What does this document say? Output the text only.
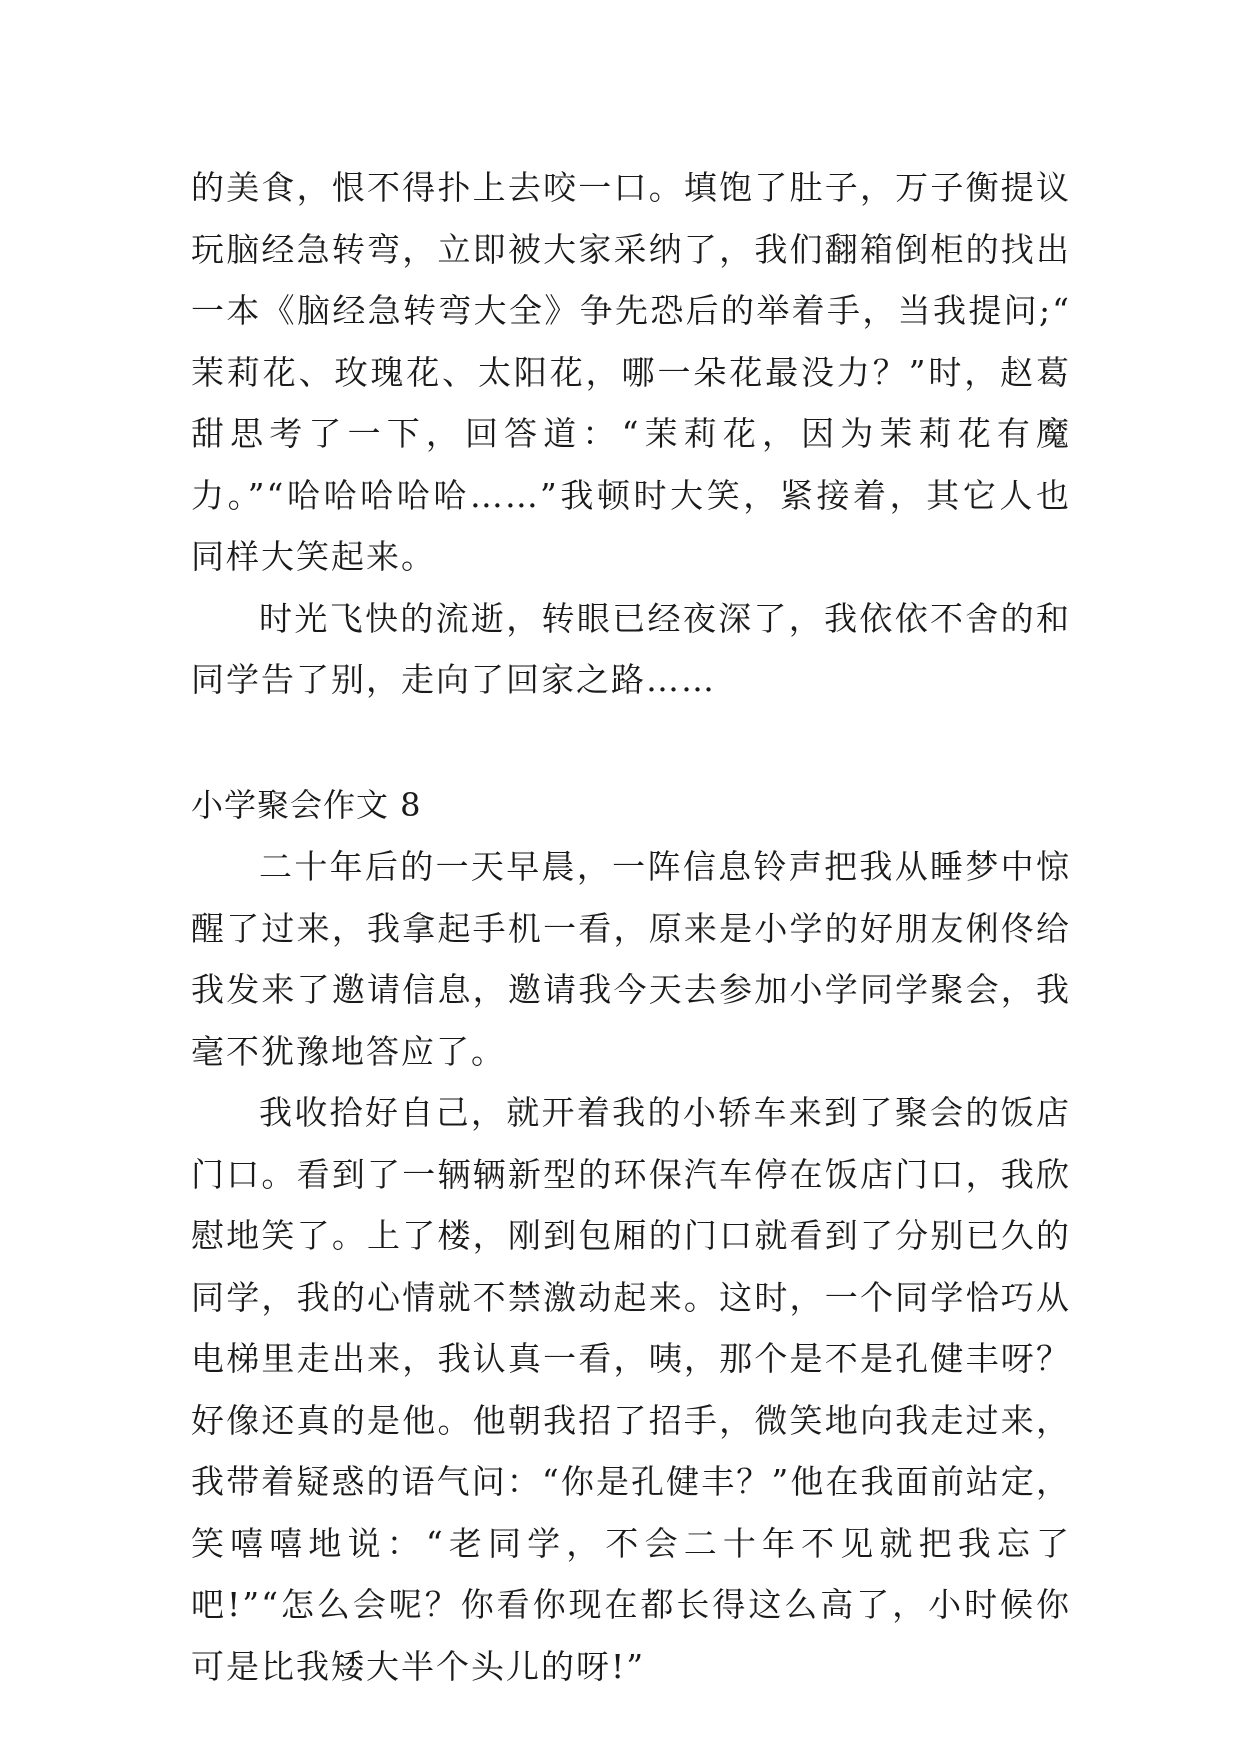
的美食，恨不得扑上去咬一口。填饱了肚子，万子衡提议玩脑经急转弯，立即被大家采纳了，我们翻箱倒柜的找出一本《脑经急转弯大全》争先恐后的举着手，当我提问;“ 茉莉花、玫瑰花、太阳花，哪一朵花最没力？”时，赵葛甜思考了一下，回答道：“茉莉花，因为茉莉花有魔力。”“哈哈哈哈哈……”我顿时大笑，紧接着，其它人也同样大笑起来。

时光飞快的流逝，转眼已经夜深了，我依依不舍的和同学告了别，走向了回家之路……

小学聚会作文 8

二十年后的一天早晨，一阵信息铃声把我从睡梦中惊醒了过来，我拿起手机一看，原来是小学的好朋友俐佟给我发来了邀请信息，邀请我今天去参加小学同学聚会，我毫不犹豫地答应了。

我收拾好自己，就开着我的小轿车来到了聚会的饭店门口。看到了一辆辆新型的环保汽车停在饭店门口，我欣慰地笑了。上了楼，刚到包厢的门口就看到了分别已久的同学，我的心情就不禁激动起来。这时，一个同学恰巧从电梯里走出来，我认真一看，咦，那个是不是孔健丰呀？好像还真的是他。他朝我招了招手，微笑地向我走过来，我带着疑惑的语气问：“你是孔健丰？”他在我面前站定，笑嘻嘻地说：“老同学，不会二十年不见就把我忘了吧!”“怎么会呢？你看你现在都长得这么高了，小时候你可是比我矮大半个头儿的呀!”
